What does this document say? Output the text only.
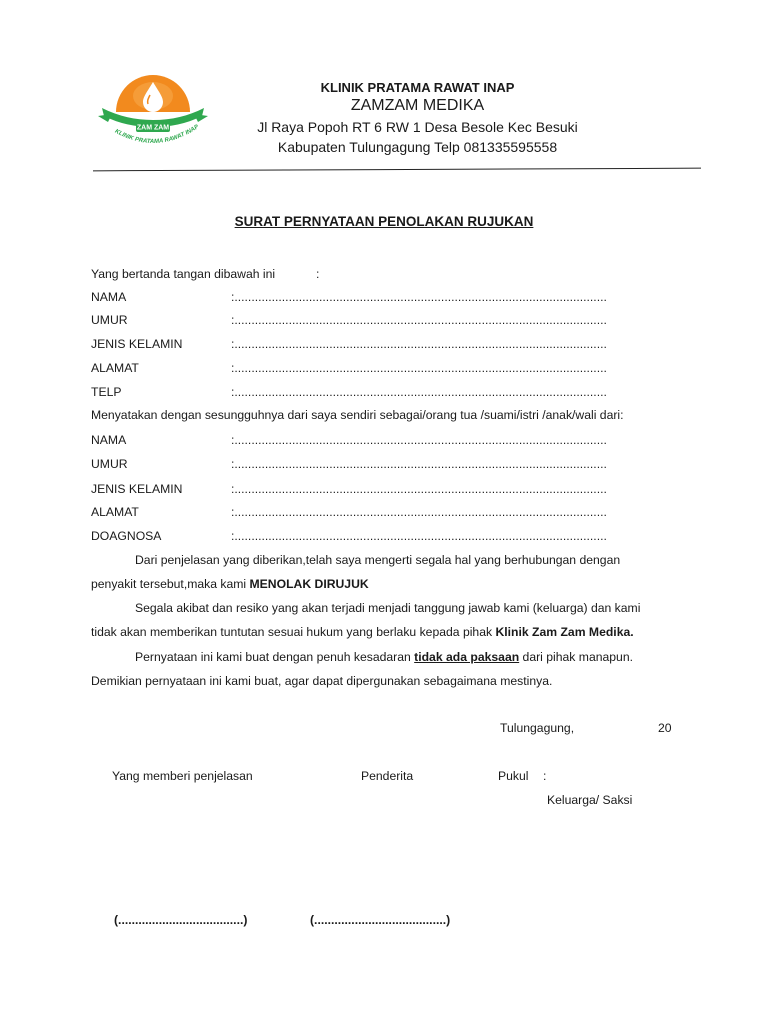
ZAM ZAM
KLINIK PRATAMA RAWAT INAP
KLINIK PRATAMA RAWAT INAP
ZAMZAM MEDIKA
Jl Raya Popoh RT 6 RW 1 Desa Besole Kec Besuki
Kabupaten Tulungagung Telp 081335595558
SURAT PERNYATAAN PENOLAKAN RUJUKAN
Yang bertanda tangan dibawah ini	:
NAMA	:..............................................................................................................
UMUR	:..............................................................................................................
JENIS KELAMIN	:..............................................................................................................
ALAMAT	:..............................................................................................................
TELP	:..............................................................................................................
Menyatakan dengan sesungguhnya dari saya sendiri sebagai/orang tua /suami/istri /anak/wali dari:
NAMA	:..............................................................................................................
UMUR	:..............................................................................................................
JENIS KELAMIN	:..............................................................................................................
ALAMAT	:..............................................................................................................
DOAGNOSA	:..............................................................................................................
Dari penjelasan yang diberikan,telah saya mengerti segala hal yang berhubungan dengan
penyakit tersebut,maka kami MENOLAK DIRUJUK
Segala akibat dan resiko yang akan terjadi menjadi tanggung jawab kami (keluarga) dan kami
tidak akan memberikan tuntutan sesuai hukum yang berlaku kepada pihak Klinik Zam Zam Medika.
Pernyataan ini kami buat dengan penuh kesadaran tidak ada paksaan dari pihak manapun.
Demikian pernyataan ini kami buat, agar dapat dipergunakan sebagaimana mestinya.
Tulungagung,	20
Yang memberi penjelasan	Penderita	Pukul :
Keluarga/ Saksi
(.....................................)	(.......................................)
